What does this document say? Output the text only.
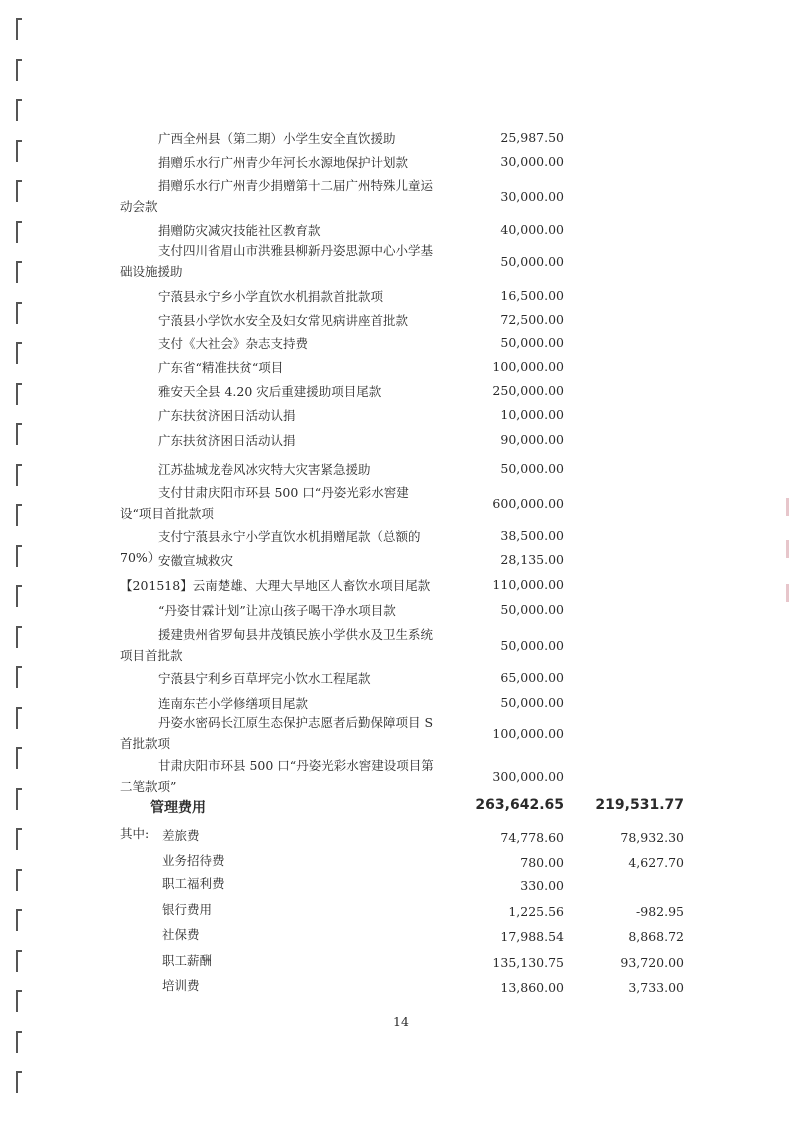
广西全州县（第二期）小学生安全直饮援助	25,987.50
捐赠乐水行广州青少年河长水源地保护计划款	30,000.00
捐赠乐水行广州青少捐赠第十二届广州特殊儿童运动会款
30,000.00
捐赠防灾减灾技能社区教育款	40,000.00
支付四川省眉山市洪雅县柳新丹姿思源中心小学基础设施援助
50,000.00
宁蒗县永宁乡小学直饮水机捐款首批款项	16,500.00
宁蒗县小学饮水安全及妇女常见病讲座首批款	72,500.00
支付《大社会》杂志支持费	50,000.00
广东省“精准扶贫“项目	100,000.00
雅安天全县 4.20 灾后重建援助项目尾款	250,000.00
广东扶贫济困日活动认捐	10,000.00
广东扶贫济困日活动认捐	90,000.00
江苏盐城龙卷风冰灾特大灾害紧急援助	50,000.00
支付甘肃庆阳市环县 500 口“丹姿光彩水窖建设“项目首批款项
600,000.00
支付宁蒗县永宁小学直饮水机捐赠尾款（总额的 70%）
38,500.00
安徽宣城救灾	28,135.00
【201518】云南楚雄、大理大旱地区人畜饮水项目尾款	110,000.00
“丹姿甘霖计划”让凉山孩子喝干净水项目款	50,000.00
援建贵州省罗甸县井茂镇民族小学供水及卫生系统项目首批款
50,000.00
宁蒗县宁利乡百草坪完小饮水工程尾款	65,000.00
连南东芒小学修缮项目尾款	50,000.00
丹姿水密码长江原生态保护志愿者后勤保障项目 S 首批款项
100,000.00
甘肃庆阳市环县 500 口“丹姿光彩水窖建设项目第二笔款项”
300,000.00
管理费用	263,642.65 219,531.77
其中: 差旅费	74,778.60	78,932.30
业务招待费	780.00	4,627.70
职工福利费	330.00
银行费用	1,225.56	-982.95
社保费	17,988.54	8,868.72
职工薪酬	135,130.75	93,720.00
培训费	13,860.00	3,733.00
14
